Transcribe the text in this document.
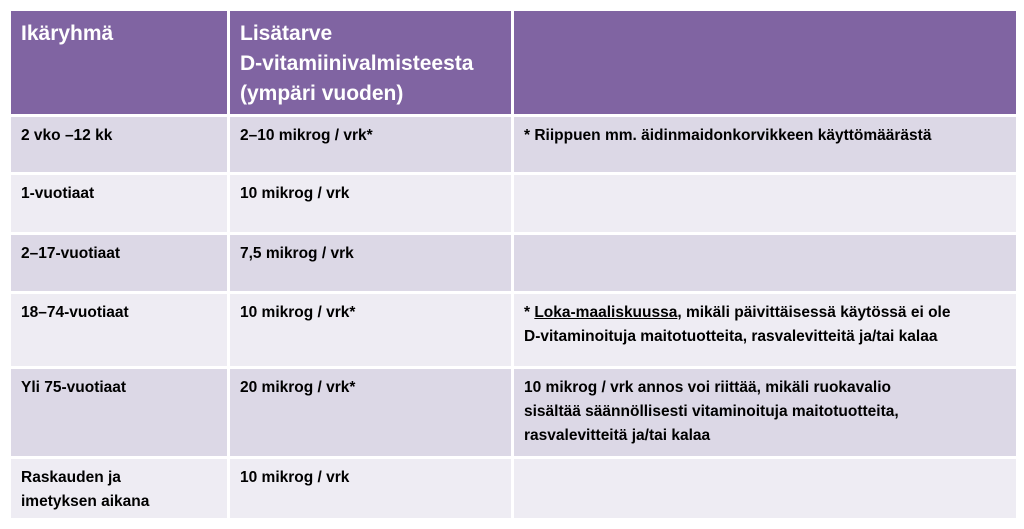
Ikäryhmä	Lisätarve
D-vitamiinivalmisteesta
(ympäri vuoden)	

2 vko –12 kk	2–10 mikrog / vrk*	* Riippuen mm. äidinmaidonkorvikkeen käyttömäärästä
1-vuotiaat	10 mikrog / vrk	
2–17-vuotiaat	7,5 mikrog / vrk	
18–74-vuotiaat	10 mikrog / vrk*	* Loka-maaliskuussa, mikäli päivittäisessä käytössä ei ole
D-vitaminoituja maitotuotteita, rasvalevitteitä ja/tai kalaa

Yli 75-vuotiaat	20 mikrog / vrk*	10 mikrog / vrk annos voi riittää, mikäli ruokavalio
sisältää säännöllisesti vitaminoituja maitotuotteita,
rasvalevitteitä ja/tai kalaa

Raskauden ja
imetyksen aikana	10 mikrog / vrk	
